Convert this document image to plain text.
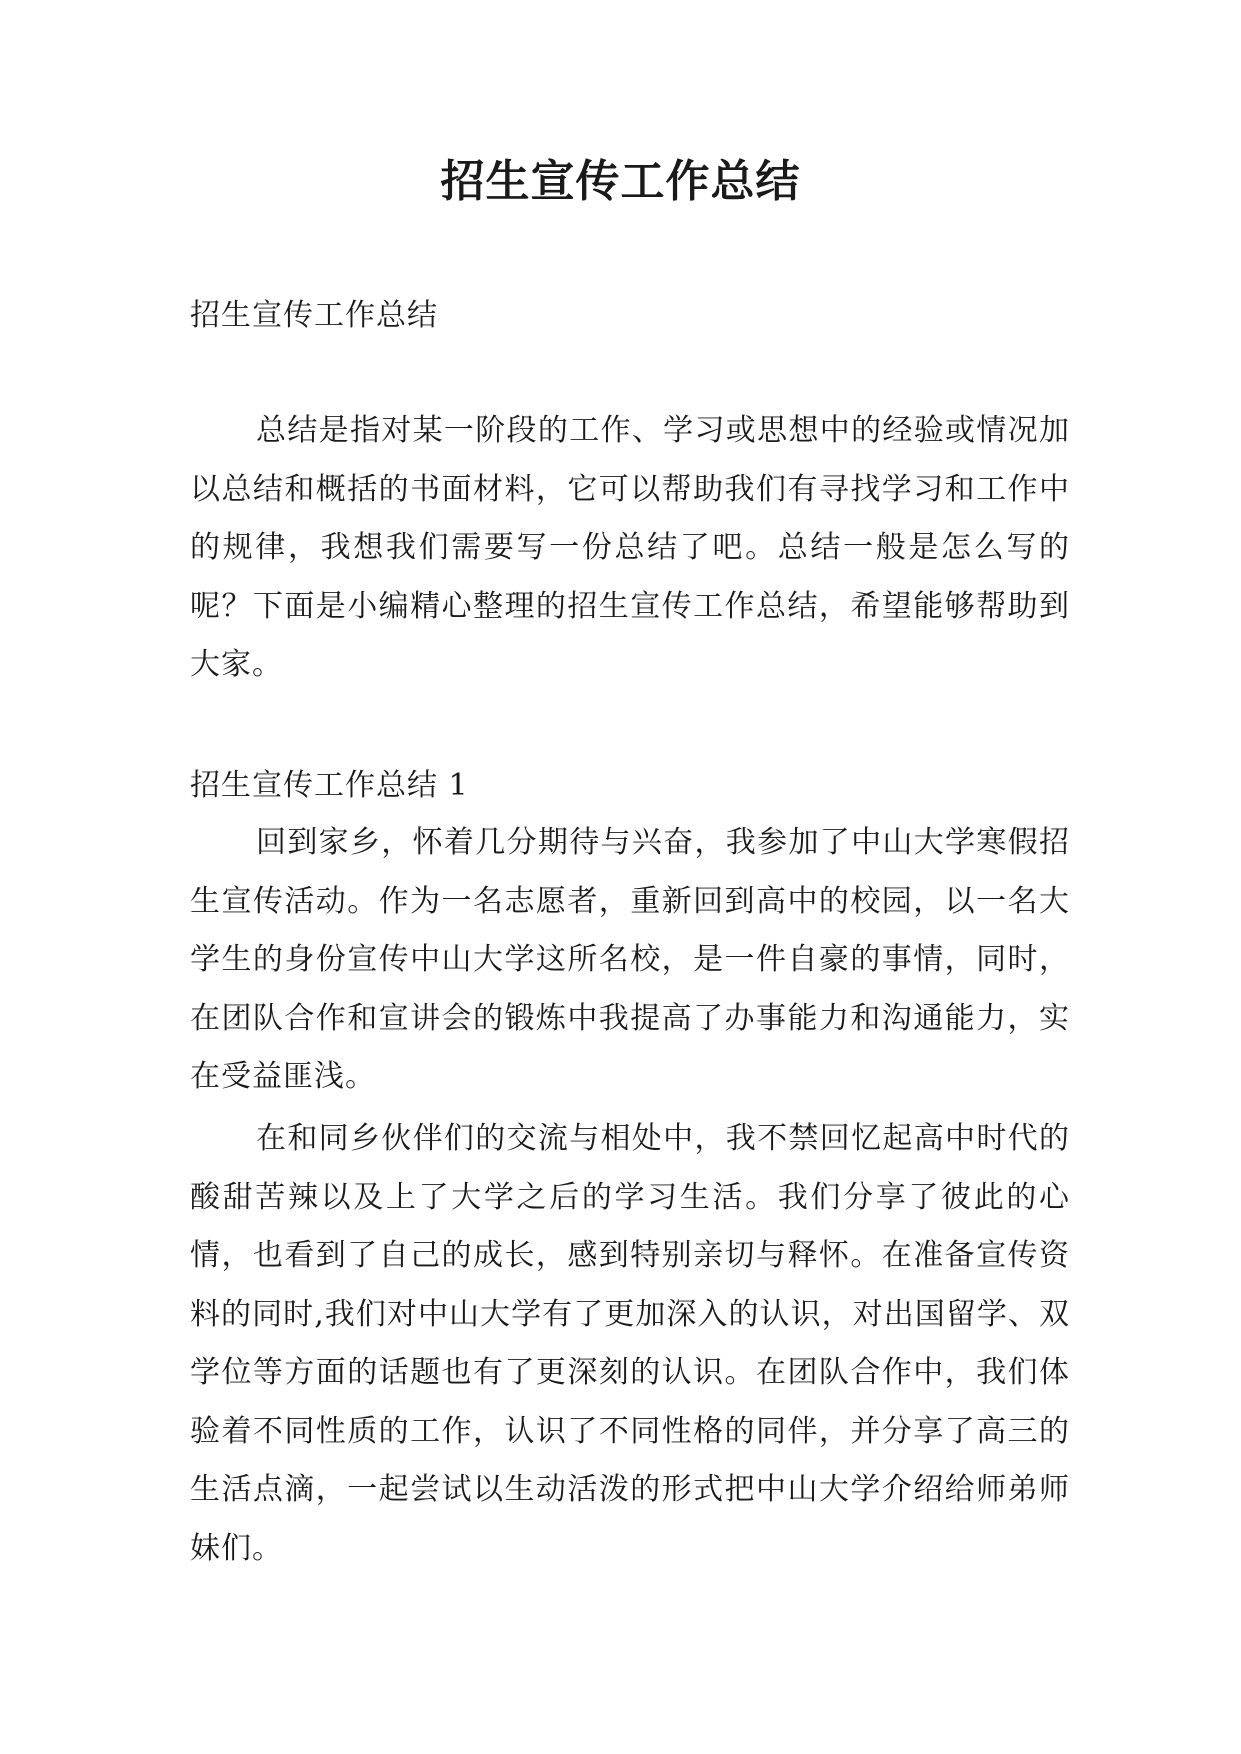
招生宣传工作总结

招生宣传工作总结

总结是指对某一阶段的工作、学习或思想中的经验或情况加以总结和概括的书面材料，它可以帮助我们有寻找学习和工作中的规律，我想我们需要写一份总结了吧。总结一般是怎么写的呢？下面是小编精心整理的招生宣传工作总结，希望能够帮助到大家。

招生宣传工作总结 1

回到家乡，怀着几分期待与兴奋，我参加了中山大学寒假招生宣传活动。作为一名志愿者，重新回到高中的校园，以一名大学生的身份宣传中山大学这所名校，是一件自豪的事情，同时，在团队合作和宣讲会的锻炼中我提高了办事能力和沟通能力，实在受益匪浅。

在和同乡伙伴们的交流与相处中，我不禁回忆起高中时代的酸甜苦辣以及上了大学之后的学习生活。我们分享了彼此的心情，也看到了自己的成长，感到特别亲切与释怀。在准备宣传资料的同时,我们对中山大学有了更加深入的认识，对出国留学、双学位等方面的话题也有了更深刻的认识。在团队合作中，我们体验着不同性质的工作，认识了不同性格的同伴，并分享了高三的生活点滴，一起尝试以生动活泼的形式把中山大学介绍给师弟师妹们。
